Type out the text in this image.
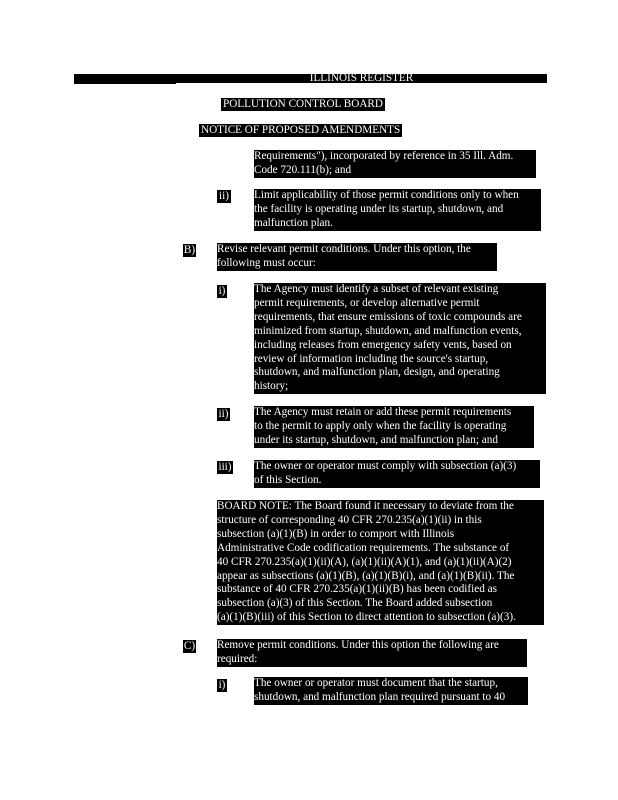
ILLINOIS REGISTER
POLLUTION CONTROL BOARD
NOTICE OF PROPOSED AMENDMENTS
Requirements"), incorporated by reference in 35 Ill. Adm.
Code 720.111(b); and
ii) Limit applicability of those permit conditions only to when
the facility is operating under its startup, shutdown, and
malfunction plan.
B) Revise relevant permit conditions. Under this option, the
following must occur:
i)	The Agency must identify a subset of relevant existing
permit requirements, or develop alternative permit
requirements, that ensure emissions of toxic compounds are
minimized from startup, shutdown, and malfunction events,
including releases from emergency safety vents, based on
review of information including the source's startup,
shutdown, and malfunction plan, design, and operating
history;
ii) The Agency must retain or add these permit requirements
to the permit to apply only when the facility is operating
under its startup, shutdown, and malfunction plan; and
iii) The owner or operator must comply with subsection (a)(3)
of this Section.
BOARD NOTE: The Board found it necessary to deviate from the
structure of corresponding 40 CFR 270.235(a)(1)(ii) in this
subsection (a)(1)(B) in order to comport with Illinois
Administrative Code codification requirements. The substance of
40 CFR 270.235(a)(1)(ii)(A), (a)(1)(ii)(A)(1), and (a)(1)(ii)(A)(2)
appear as subsections (a)(1)(B), (a)(1)(B)(i), and (a)(1)(B)(ii). The
substance of 40 CFR 270.235(a)(1)(ii)(B) has been codified as
subsection (a)(3) of this Section. The Board added subsection
(a)(1)(B)(iii) of this Section to direct attention to subsection (a)(3).
C) Remove permit conditions. Under this option the following are
required:
i)	The owner or operator must document that the startup,
shutdown, and malfunction plan required pursuant to 40
